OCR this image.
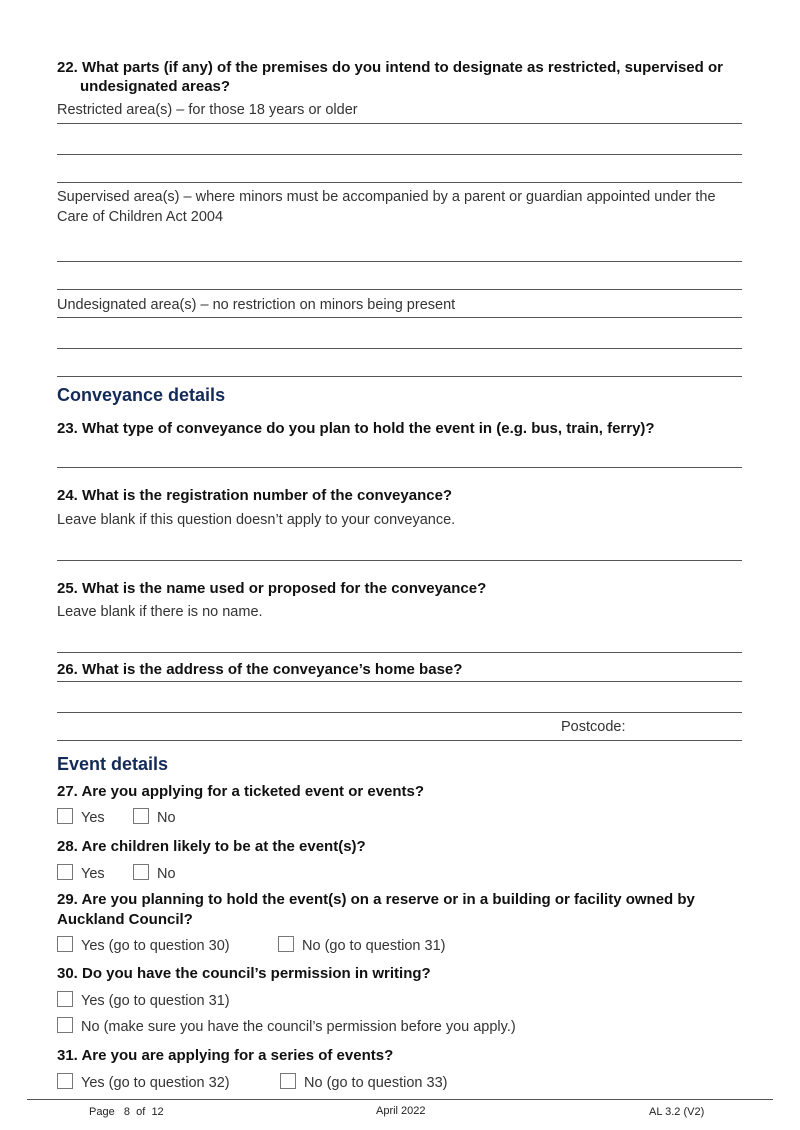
22. What parts (if any) of the premises do you intend to designate as restricted, supervised or
undesignated areas?
Restricted area(s) – for those 18 years or older
Supervised area(s) – where minors must be accompanied by a parent or guardian appointed under the
Care of Children Act 2004
Undesignated area(s) – no restriction on minors being present
Conveyance details
23. What type of conveyance do you plan to hold the event in (e.g. bus, train, ferry)?
24. What is the registration number of the conveyance?
Leave blank if this question doesn’t apply to your conveyance.
25. What is the name used or proposed for the conveyance?
Leave blank if there is no name.
26. What is the address of the conveyance’s home base?
Postcode:
Event details
27. Are you applying for a ticketed event or events?
Yes	No
28. Are children likely to be at the event(s)?
Yes	No
29. Are you planning to hold the event(s) on a reserve or in a building or facility owned by
Auckland Council?
Yes (go to question 30)	No (go to question 31)
30. Do you have the council’s permission in writing?
Yes (go to question 31)
No (make sure you have the council’s permission before you apply.)
31. Are you are applying for a series of events?
Yes (go to question 32)	No (go to question 33)
Page 8 of 12	April 2022	AL 3.2 (V2)
